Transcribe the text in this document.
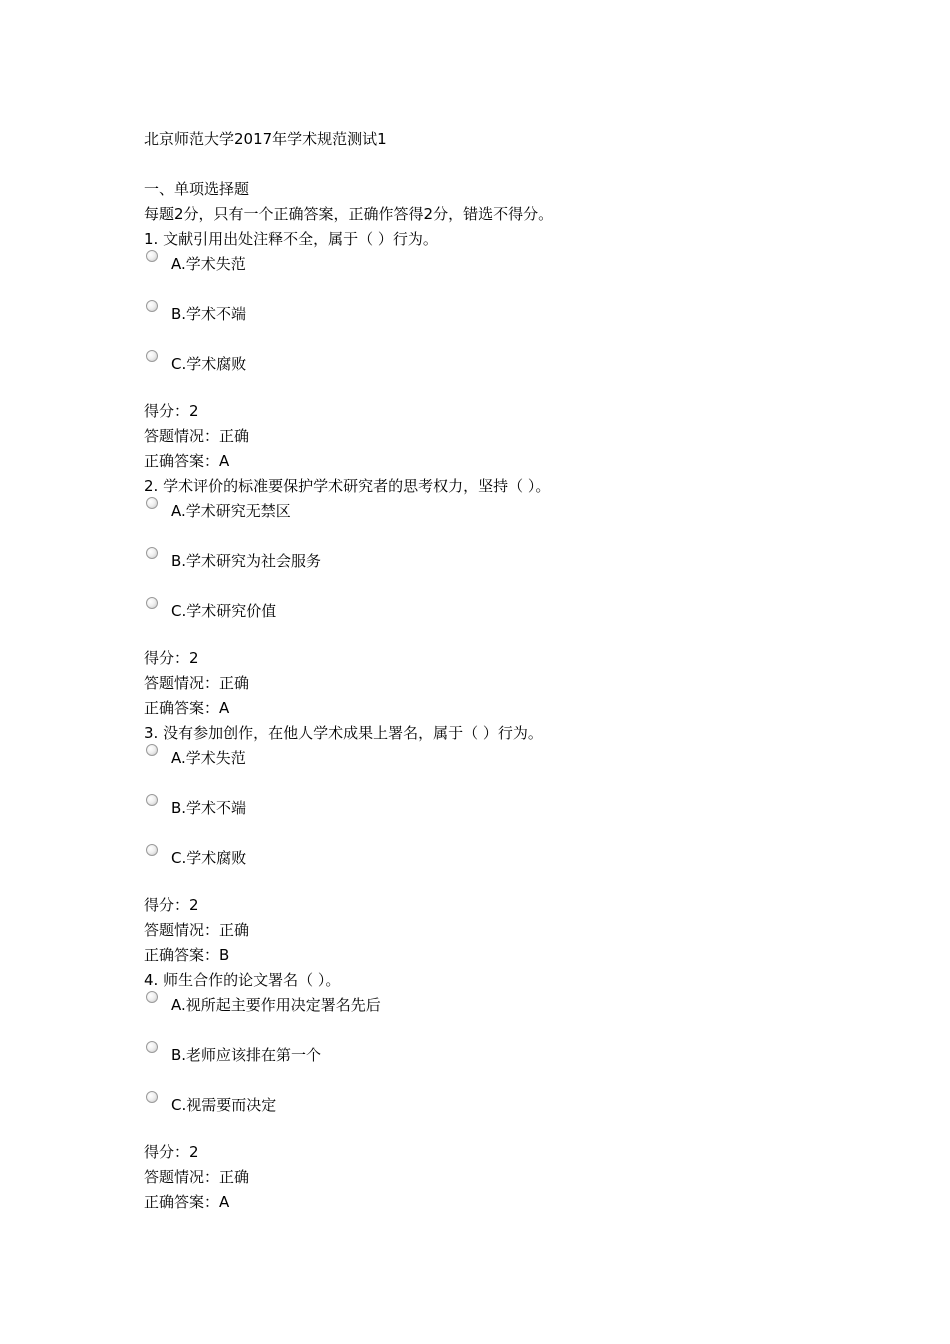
北京师范大学2017年学术规范测试1
一、单项选择题
每题2分，只有一个正确答案，正确作答得2分，错选不得分。
1. 文献引用出处注释不全，属于（ ）行为。
A.学术失范
B.学术不端
C.学术腐败
得分：2
答题情况：正确
正确答案：A
2. 学术评价的标准要保护学术研究者的思考权力，坚持（ ）。
A.学术研究无禁区
B.学术研究为社会服务
C.学术研究价值
得分：2
答题情况：正确
正确答案：A
3. 没有参加创作，在他人学术成果上署名，属于（ ）行为。
A.学术失范
B.学术不端
C.学术腐败
得分：2
答题情况：正确
正确答案：B
4. 师生合作的论文署名（ ）。
A.视所起主要作用决定署名先后
B.老师应该排在第一个
C.视需要而决定
得分：2
答题情况：正确
正确答案：A
